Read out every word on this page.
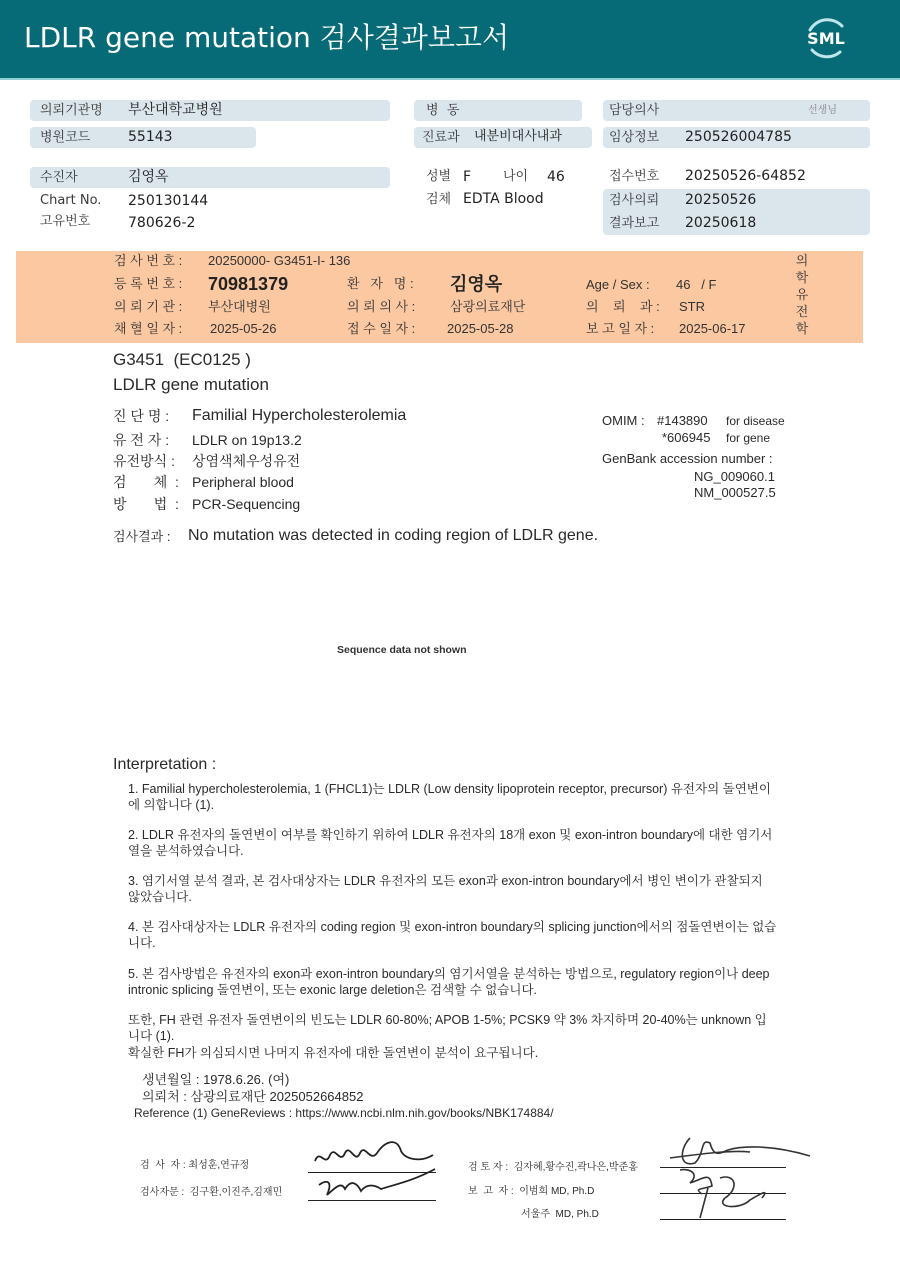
LDLR gene mutation 검사결과보고서	SML
의뢰기관명 부산대학교병원
병원코드	55143
병  동
진료과 내분비대사내과
담당의사	선생님
임상정보 250526004785
수진자	김영옥
Chart No. 250130144
고유번호	780626-2
성별 F 나이 46
검체 EDTA Blood
접수번호 20250526-64852
검사의뢰 20250526
결과보고 20250618
검 사 번 호 : 20250000- G3451-I- 136
등 록 번 호 : 70981379	환   자   명 : 김영옥	Age / Sex : 46   / F
의 뢰 기 관 : 부산대병원	의 뢰 의 사 :	삼광의료재단	의    뢰    과 : STR
채 혈 일 자 : 2025-05-26	접 수 일 자 : 2025-05-28	보 고 일 자 : 2025-06-17
의
학
유
전
학
G3451  (EC0125 )
LDLR gene mutation
진 단 명 : Familial Hypercholesterolemia
유 전 자 : LDLR on 19p13.2
유전방식 : 상염색체우성유전
검       체  : Peripheral blood
방       법  : PCR-Sequencing
OMIM : #143890 for disease
*606945 for gene
GenBank accession number :
NG_009060.1
NM_000527.5
검사결과 : No mutation was detected in coding region of LDLR gene.
Sequence data not shown
Interpretation :
1. Familial hypercholesterolemia, 1 (FHCL1)는 LDLR (Low density lipoprotein receptor, precursor) 유전자의 돌연변이에 의합니다 (1).
2. LDLR 유전자의 돌연변이 여부를 확인하기 위하여 LDLR 유전자의 18개 exon 및 exon-intron boundary에 대한 염기서열을 분석하였습니다.
3. 염기서열 분석 결과, 본 검사대상자는 LDLR 유전자의 모든 exon과 exon-intron boundary에서 병인 변이가 관찰되지 않았습니다.
4. 본 검사대상자는 LDLR 유전자의 coding region 및 exon-intron boundary의 splicing junction에서의 점돌연변이는 없습니다.
5. 본 검사방법은 유전자의 exon과 exon-intron boundary의 염기서열을 분석하는 방법으로, regulatory region이나 deep intronic splicing 돌연변이, 또는 exonic large deletion은 검색할 수 없습니다.
또한, FH 관련 유전자 돌연변이의 빈도는 LDLR 60-80%; APOB 1-5%; PCSK9 약 3% 차지하며 20-40%는 unknown 입니다 (1).
확실한 FH가 의심되시면 나머지 유전자에 대한 돌연변이 분석이 요구됩니다.
생년월일 : 1978.6.26. (여)
의뢰처 : 삼광의료재단 2025052664852
Reference (1) GeneReviews : https://www.ncbi.nlm.nih.gov/books/NBK174884/
검  사  자 : 최성훈,연규정
검사자문 :  김구환,이진주,김재민
검 토 자 :  김자혜,황수진,곽나은,박준홍
보  고  자 :  이범희 MD, Ph.D
서울주  MD, Ph.D
